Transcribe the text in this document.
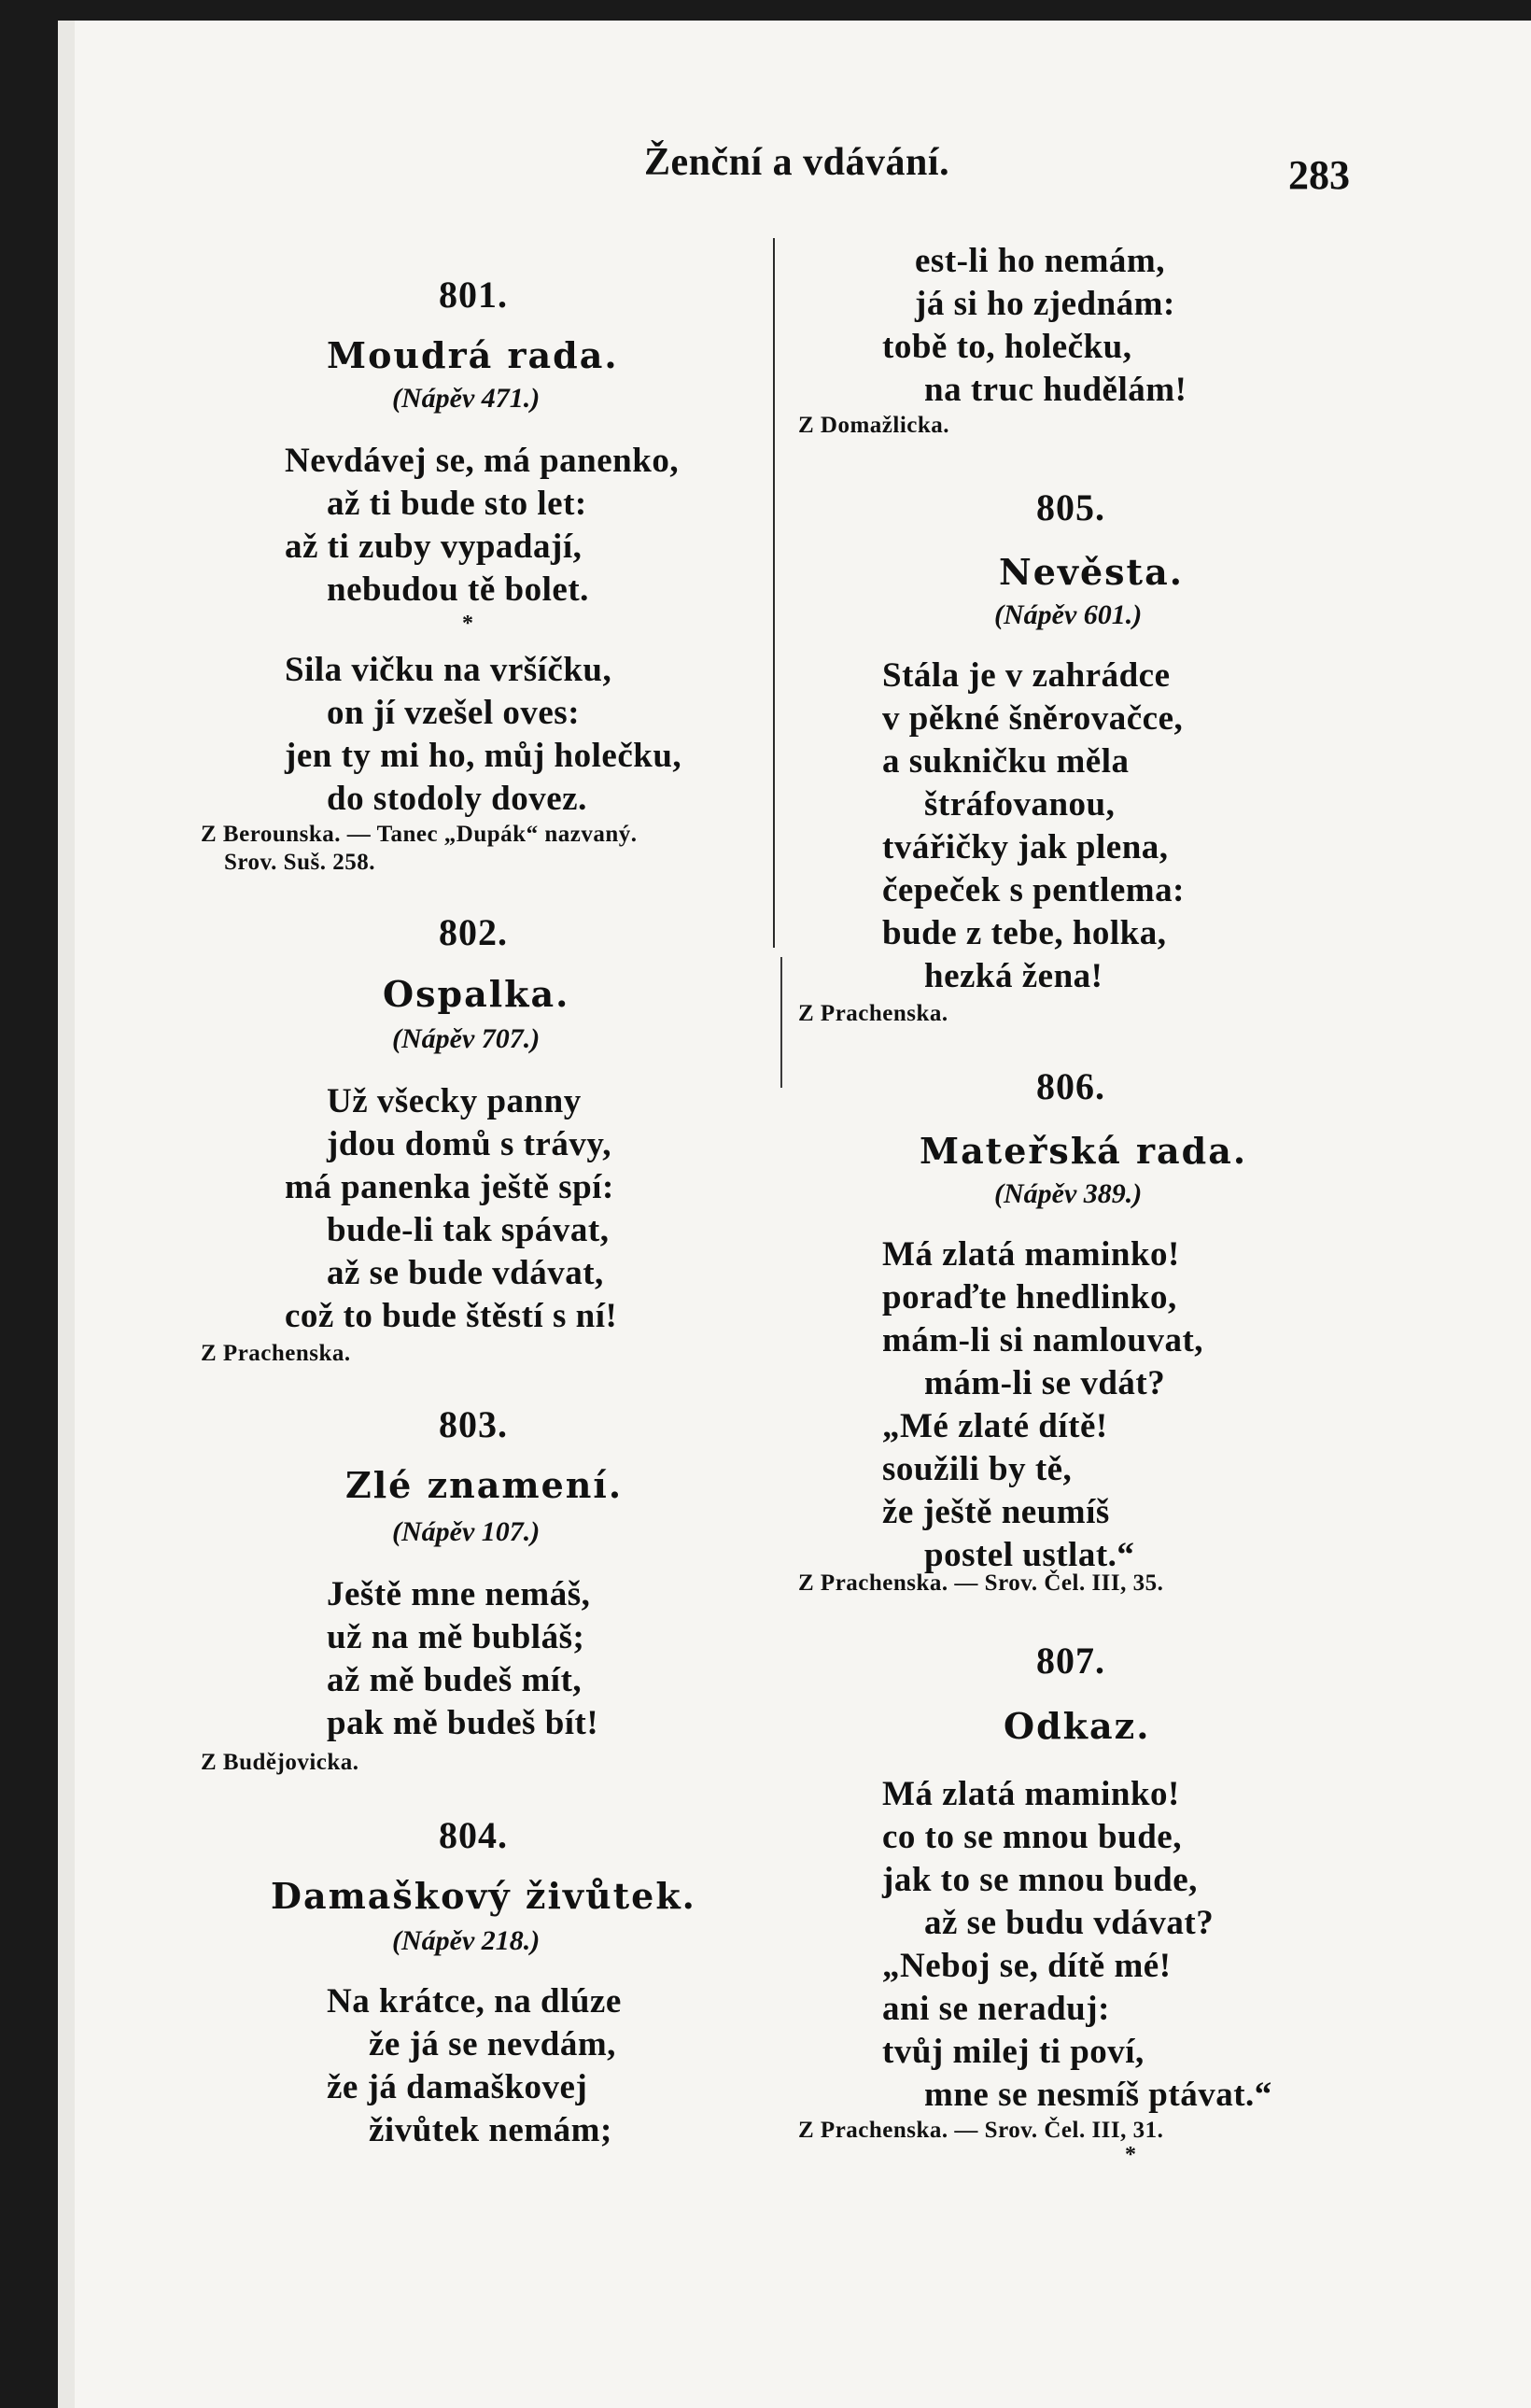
Ženční a vdávání.	283
801.
Moudrá rada.
(Nápěv 471.)
Nevdávej se, má panenko,
až ti bude sto let:
až ti zuby vypadají,
nebudou tě bolet.
*
Sila vičku na vršíčku,
on jí vzešel oves:
jen ty mi ho, můj holečku,
do stodoly dovez.
Z Berounska. — Tanec „Dupák“ nazvaný.
Srov. Suš. 258.
802.
Ospalka.
(Nápěv 707.)
Už všecky panny
jdou domů s trávy,
má panenka ještě spí:
bude-li tak spávat,
až se bude vdávat,
což to bude štěstí s ní!
Z Prachenska.
803.
Zlé znamení.
(Nápěv 107.)
Ještě mne nemáš,
už na mě bubláš;
až mě budeš mít,
pak mě budeš bít!
Z Budějovicka.
804.
Damaškový živůtek.
(Nápěv 218.)
Na krátce, na dlúze
že já se nevdám,
že já damaškovej
živůtek nemám;
est-li ho nemám,
já si ho zjednám:
tobě to, holečku,
na truc hudělám!
Z Domažlicka.
805.
Nevěsta.
(Nápěv 601.)
Stála je v zahrádce
v pěkné šněrovačce,
a sukničku měla
štráfovanou,
tvářičky jak plena,
čepeček s pentlema:
bude z tebe, holka,
hezká žena!
Z Prachenska.
806.
Mateřská rada.
(Nápěv 389.)
Má zlatá maminko!
poraďte hnedlinko,
mám-li si namlouvat,
mám-li se vdát?
„Mé zlaté dítě!
soužili by tě,
že ještě neumíš
postel ustlat.“
Z Prachenska. — Srov. Čel. III, 35.
807.
Odkaz.
Má zlatá maminko!
co to se mnou bude,
jak to se mnou bude,
až se budu vdávat?
„Neboj se, dítě mé!
ani se neraduj:
tvůj milej ti poví,
mne se nesmíš ptávat.“
Z Prachenska. — Srov. Čel. III, 31.
*
